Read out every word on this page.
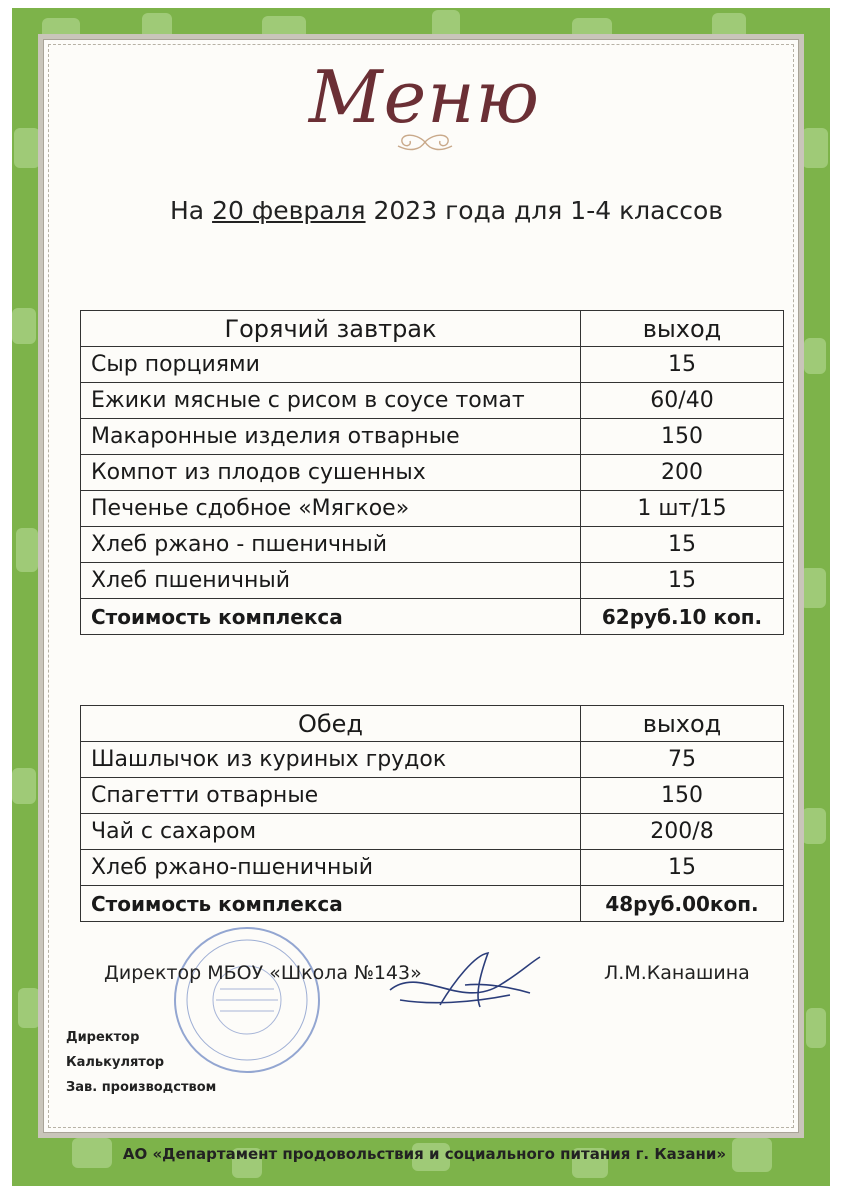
Меню
На 20 февраля 2023 года для 1-4 классов
Горячий завтрак	выход
Сыр порциями	15
Ежики мясные с рисом в соусе томат	60/40
Макаронные изделия отварные	150
Компот из плодов сушенных	200
Печенье сдобное «Мягкое»	1 шт/15
Хлеб ржано - пшеничный	15
Хлеб пшеничный	15
Стоимость комплекса	62руб.10 коп.
Обед	выход
Шашлычок из куриных грудок	75
Спагетти отварные	150
Чай с сахаром	200/8
Хлеб ржано-пшеничный	15
Стоимость комплекса	48руб.00коп.
Директор МБОУ «Школа №143»	Л.М.Канашина
Директор
Калькулятор
Зав. производством
АО «Департамент продовольствия и социального питания г. Казани»
